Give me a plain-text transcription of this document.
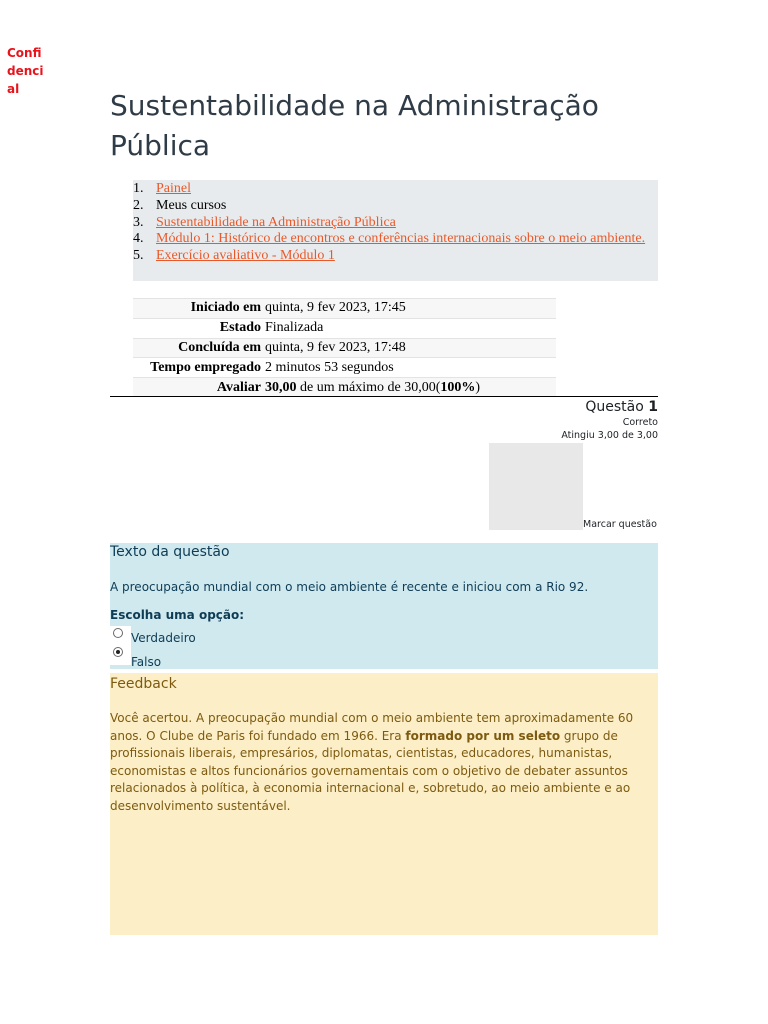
Confidencial	Sustentabilidade na Administração Pública
1. Painel
2. Meus cursos
3. Sustentabilidade na Administração Pública
4. Módulo 1: Histórico de encontros e conferências internacionais sobre o meio ambiente.
5. Exercício avaliativo - Módulo 1
Iniciado em	quinta, 9 fev 2023, 17:45
Estado	Finalizada
Concluída em	quinta, 9 fev 2023, 17:48
Tempo empregado	2 minutos 53 segundos
Avaliar	30,00 de um máximo de 30,00(100%)
Questão 1
Correto
Atingiu 3,00 de 3,00
Marcar questão
Texto da questão
A preocupação mundial com o meio ambiente é recente e iniciou com a Rio 92.
Escolha uma opção:
Verdadeiro
Falso
Feedback
Você acertou. A preocupação mundial com o meio ambiente tem aproximadamente 60 anos. O Clube de Paris foi fundado em 1966. Era formado por um seleto grupo de profissionais liberais, empresários, diplomatas, cientistas, educadores, humanistas, economistas e altos funcionários governamentais com o objetivo de debater assuntos relacionados à política, à economia internacional e, sobretudo, ao meio ambiente e ao desenvolvimento sustentável.
